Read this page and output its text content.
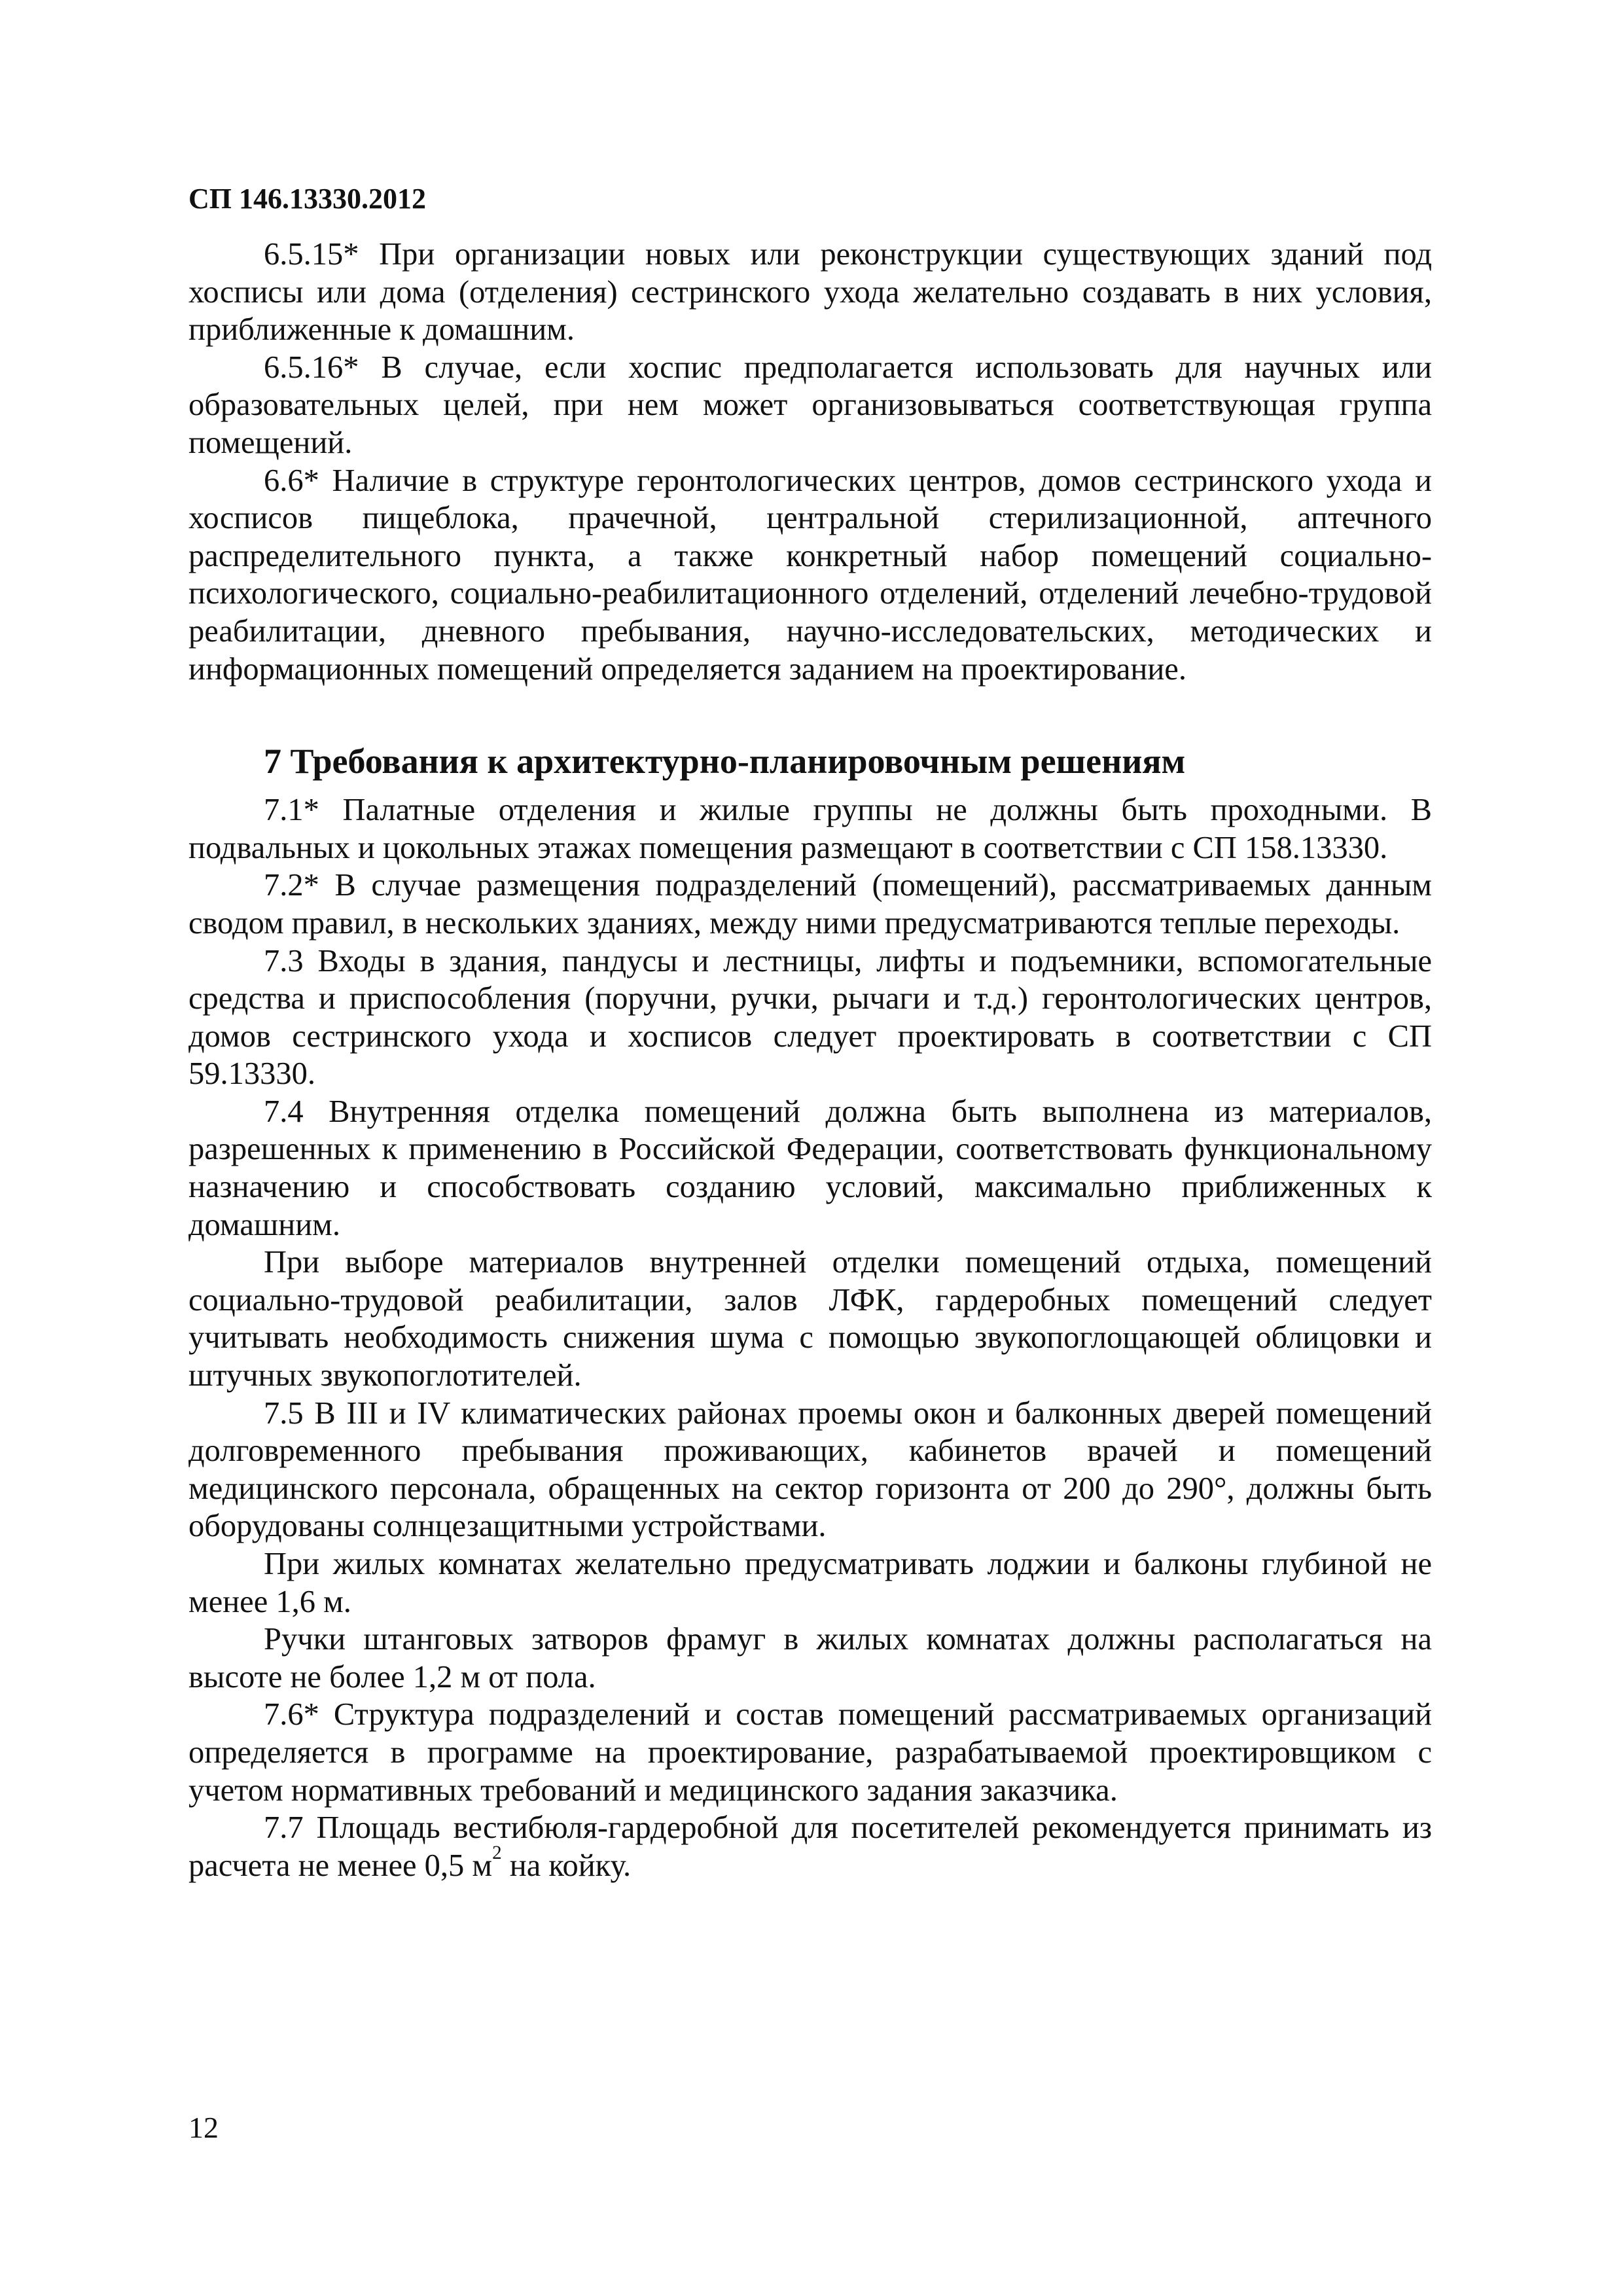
СП 146.13330.2012

6.5.15* При организации новых или реконструкции существующих зданий под хосписы или дома (отделения) сестринского ухода желательно создавать в них условия, приближенные к домашним.

6.5.16* В случае, если хоспис предполагается использовать для научных или образовательных целей, при нем может организовываться соответствующая группа помещений.

6.6* Наличие в структуре геронтологических центров, домов сестринского ухода и хосписов пищеблока, прачечной, центральной стерилизационной, аптечного распределительного пункта, а также конкретный набор помещений социально-психологического, социально-реабилитационного отделений, отделений лечебно-трудовой реабилитации, дневного пребывания, научно-исследовательских, методических и информационных помещений определяется заданием на проектирование.

7 Требования к архитектурно-планировочным решениям

7.1* Палатные отделения и жилые группы не должны быть проходными. В подвальных и цокольных этажах помещения размещают в соответствии с СП 158.13330.

7.2* В случае размещения подразделений (помещений), рассматриваемых данным сводом правил, в нескольких зданиях, между ними предусматриваются теплые переходы.

7.3 Входы в здания, пандусы и лестницы, лифты и подъемники, вспомогательные средства и приспособления (поручни, ручки, рычаги и т.д.) геронтологических центров, домов сестринского ухода и хосписов следует проектировать в соответствии с СП 59.13330.

7.4 Внутренняя отделка помещений должна быть выполнена из материалов, разрешенных к применению в Российской Федерации, соответствовать функциональному назначению и способствовать созданию условий, максимально приближенных к домашним.

При выборе материалов внутренней отделки помещений отдыха, помещений социально-трудовой реабилитации, залов ЛФК, гардеробных помещений следует учитывать необходимость снижения шума с помощью звукопоглощающей облицовки и штучных звукопоглотителей.

7.5 В III и IV климатических районах проемы окон и балконных дверей помещений долговременного пребывания проживающих, кабинетов врачей и помещений медицинского персонала, обращенных на сектор горизонта от 200 до 290°, должны быть оборудованы солнцезащитными устройствами.

При жилых комнатах желательно предусматривать лоджии и балконы глубиной не менее 1,6 м.

Ручки штанговых затворов фрамуг в жилых комнатах должны располагаться на высоте не более 1,2 м от пола.

7.6* Структура подразделений и состав помещений рассматриваемых организаций определяется в программе на проектирование, разрабатываемой проектировщиком с учетом нормативных требований и медицинского задания заказчика.

7.7 Площадь вестибюля-гардеробной для посетителей рекомендуется принимать из расчета не менее 0,5 $м^2$ на койку.

12
